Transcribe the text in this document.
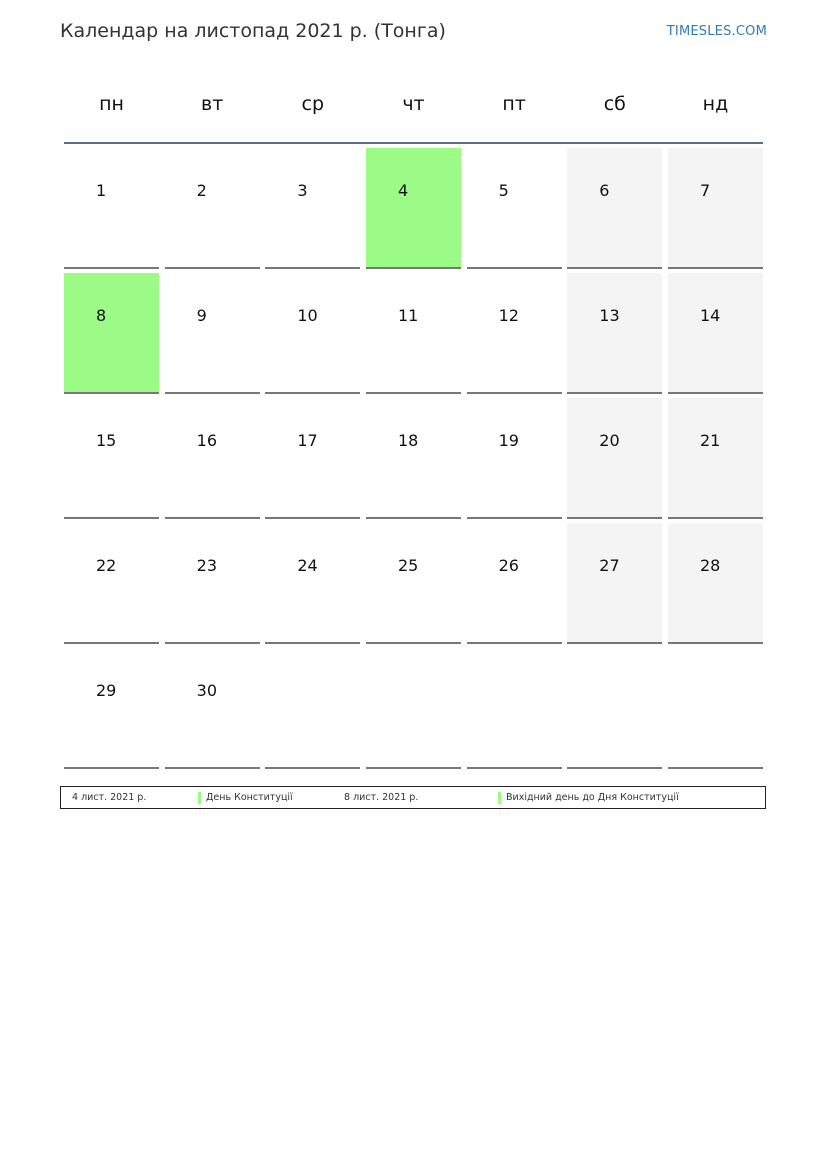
Календар на листопад 2021 р. (Тонга)	TIMESLES.COM
пн	вт	ср	чт	пт	сб	нд
1	2	3	4	5	6	7
8	9	10	11	12	13	14
15	16	17	18	19	20	21
22	23	24	25	26	27	28
29	30
4 лист. 2021 р.	День Конституції	8 лист. 2021 р.	Вихідний день до Дня Конституції
